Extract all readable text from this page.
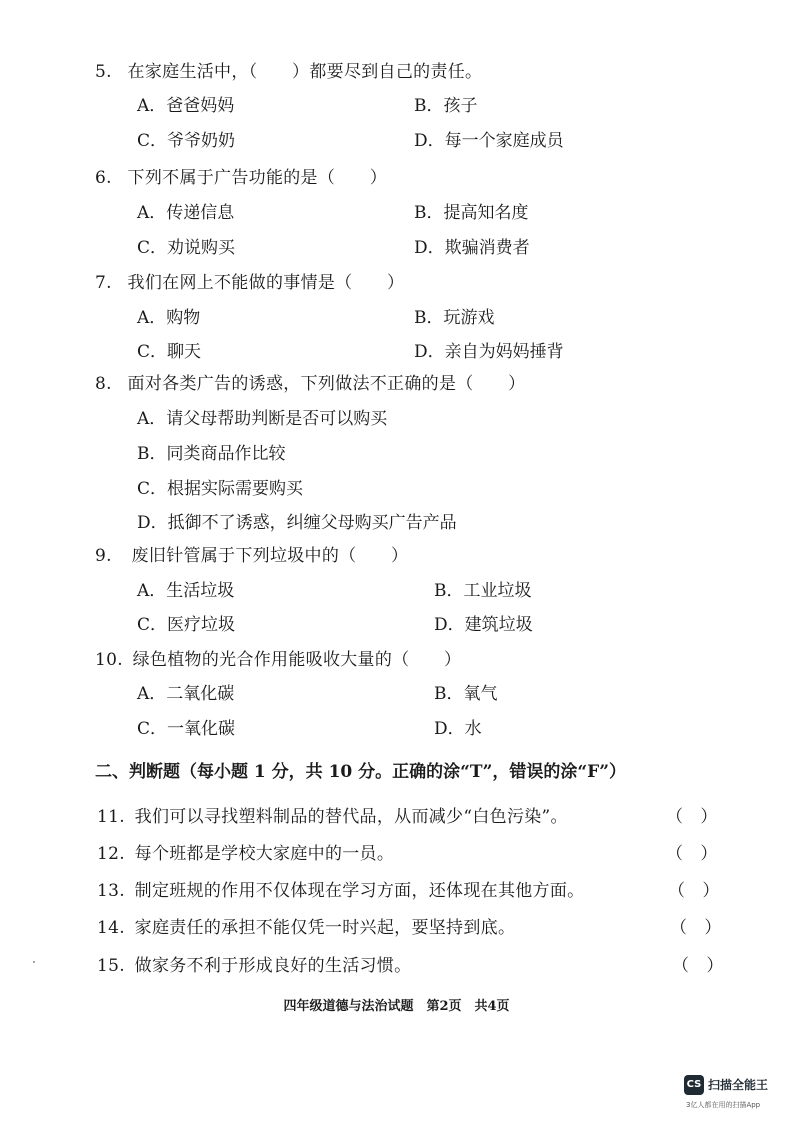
5. 在家庭生活中，（　　）都要尽到自己的责任。
A．爸爸妈妈	B．孩子
C．爷爷奶奶	D．每一个家庭成员
6. 下列不属于广告功能的是（　　）
A．传递信息	B．提高知名度
C．劝说购买	D．欺骗消费者
7. 我们在网上不能做的事情是（　　）
A．购物	B．玩游戏
C．聊天	D．亲自为妈妈捶背
8. 面对各类广告的诱惑，下列做法不正确的是（　　）
A．请父母帮助判断是否可以购买
B．同类商品作比较
C．根据实际需要购买
D．抵御不了诱惑，纠缠父母购买广告产品
9. 废旧针管属于下列垃圾中的（　　）
A．生活垃圾	B．工业垃圾
C．医疗垃圾	D．建筑垃圾
10. 绿色植物的光合作用能吸收大量的（　　）
A．二氧化碳	B．氧气
C．一氧化碳	D．水
二、判断题（每小题 1 分，共 10 分。正确的涂“T”，错误的涂“F”）
11. 我们可以寻找塑料制品的替代品，从而减少“白色污染”。	（ ）
12. 每个班都是学校大家庭中的一员。	（ ）
13. 制定班规的作用不仅体现在学习方面，还体现在其他方面。	（ ）
14. 家庭责任的承担不能仅凭一时兴起，要坚持到底。	（ ）
15. 做家务不利于形成良好的生活习惯。	（ ）
四年级道德与法治试题　第2页　共4页
CS 扫描全能王
3亿人都在用的扫描App
